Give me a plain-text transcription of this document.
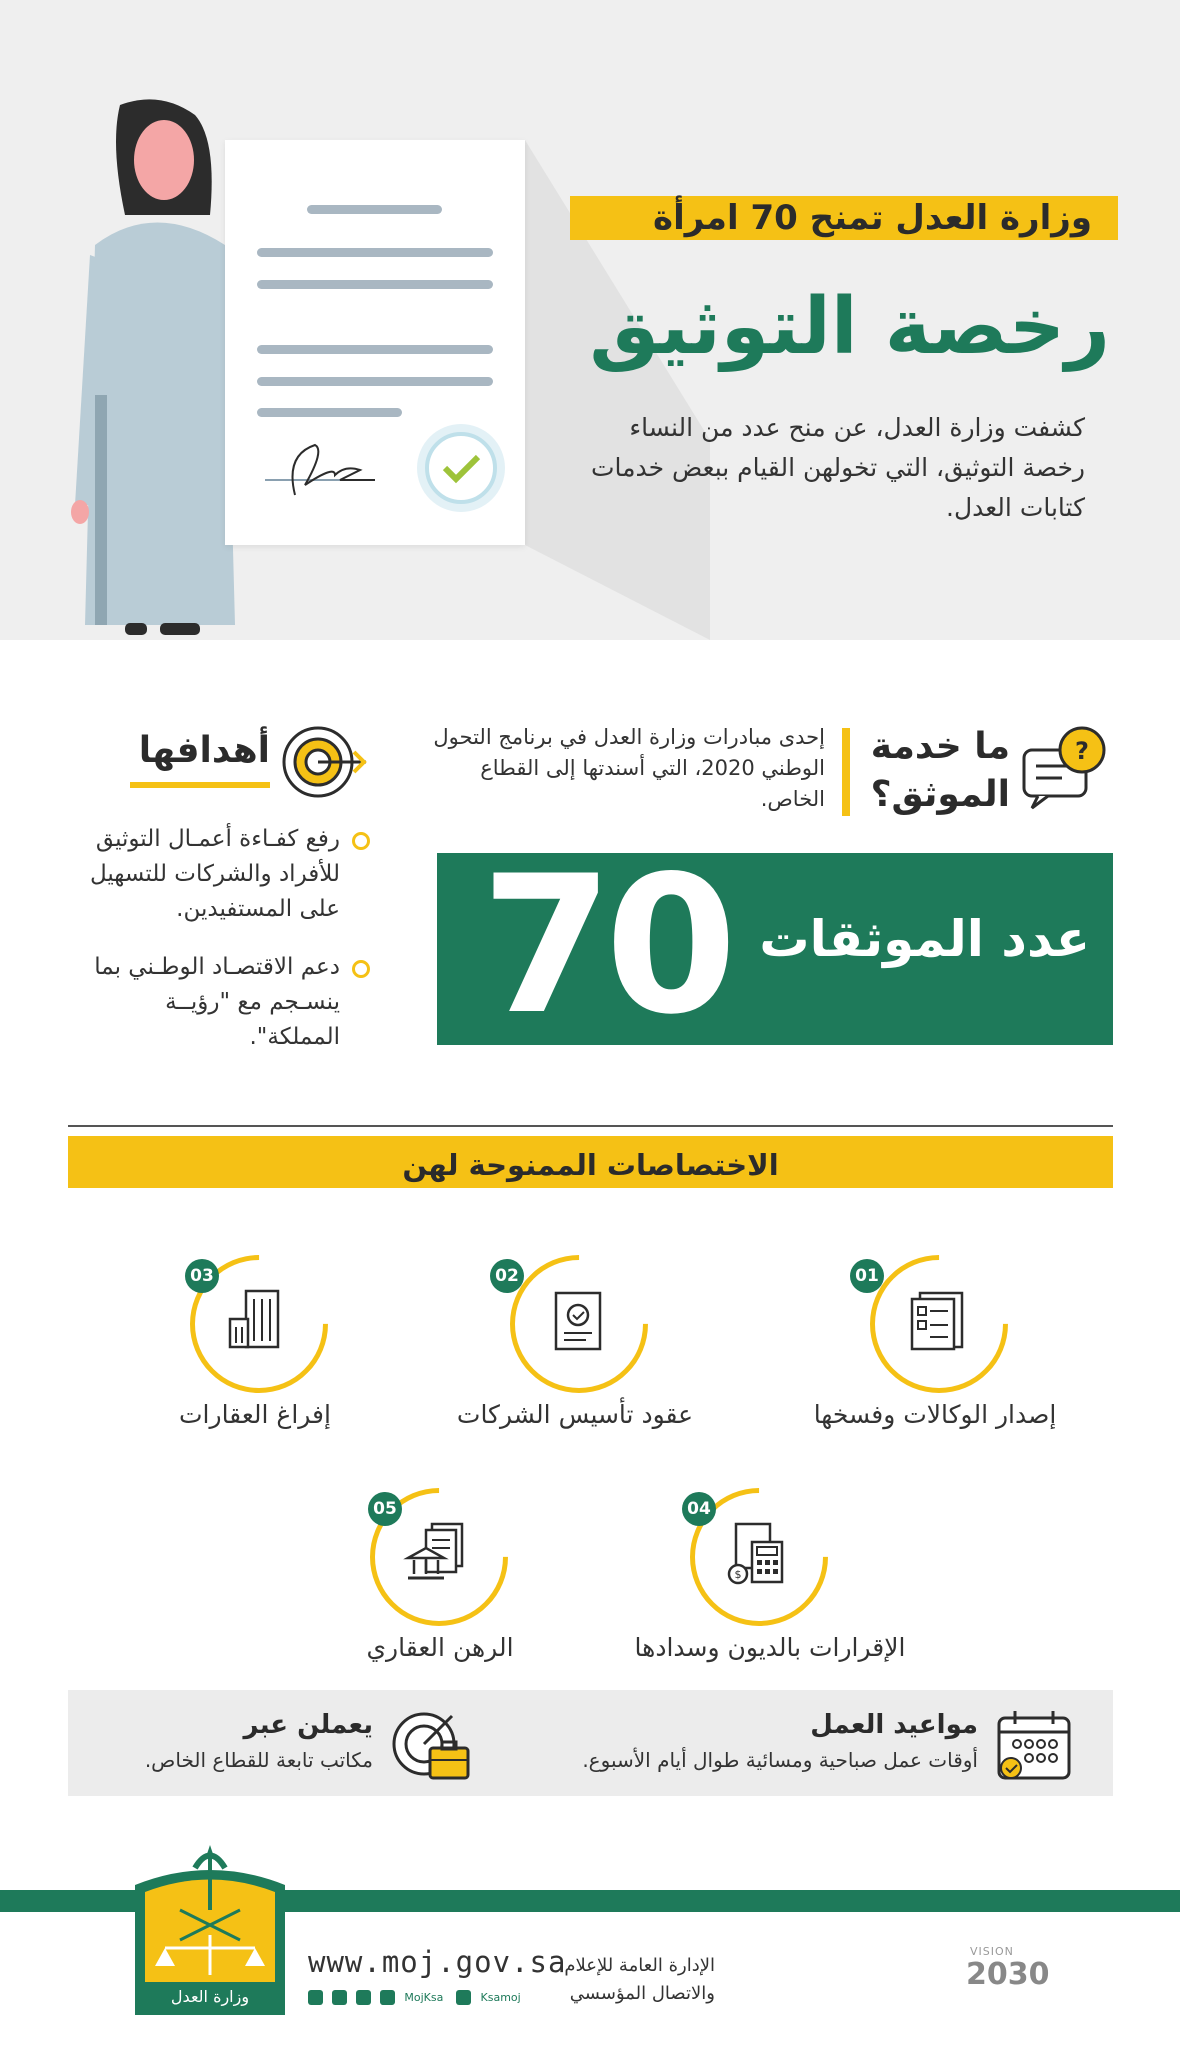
وزارة العدل تمنح 70 امرأة
رخصة التوثيق
كشفت وزارة العدل، عن منح عدد من النساء رخصة التوثيق، التي تخولهن القيام ببعض خدمات كتابات العدل.
?
ما خدمة الموثق؟
إحدى مبادرات وزارة العدل في برنامج التحول الوطني 2020، التي أسندتها إلى القطاع الخاص.
أهدافها
رفع كفـاءة أعمـال التوثيق للأفراد والشركات للتسهيل على المستفيدين.
دعم الاقتصـاد الوطـني بما ينسـجم مع "رؤيــة المملكة". 70 عدد الموثقات
الاختصاصات الممنوحة لهن
01
إصدار الوكالات وفسخها
02
عقود تأسيس الشركات
03
إفراغ العقارات
04
$
الإقرارات بالديون وسدادها
05
الرهن العقاري
مواعيد العمل
أوقات عمل صباحية ومسائية طوال أيام الأسبوع.
يعملن عبر
مكاتب تابعة للقطاع الخاص.
وزارة العدل
www.moj.gov.sa
MojKsa	Ksamoj
الإدارة العامة للإعلام
والاتصال المؤسسي
VISION
2030
